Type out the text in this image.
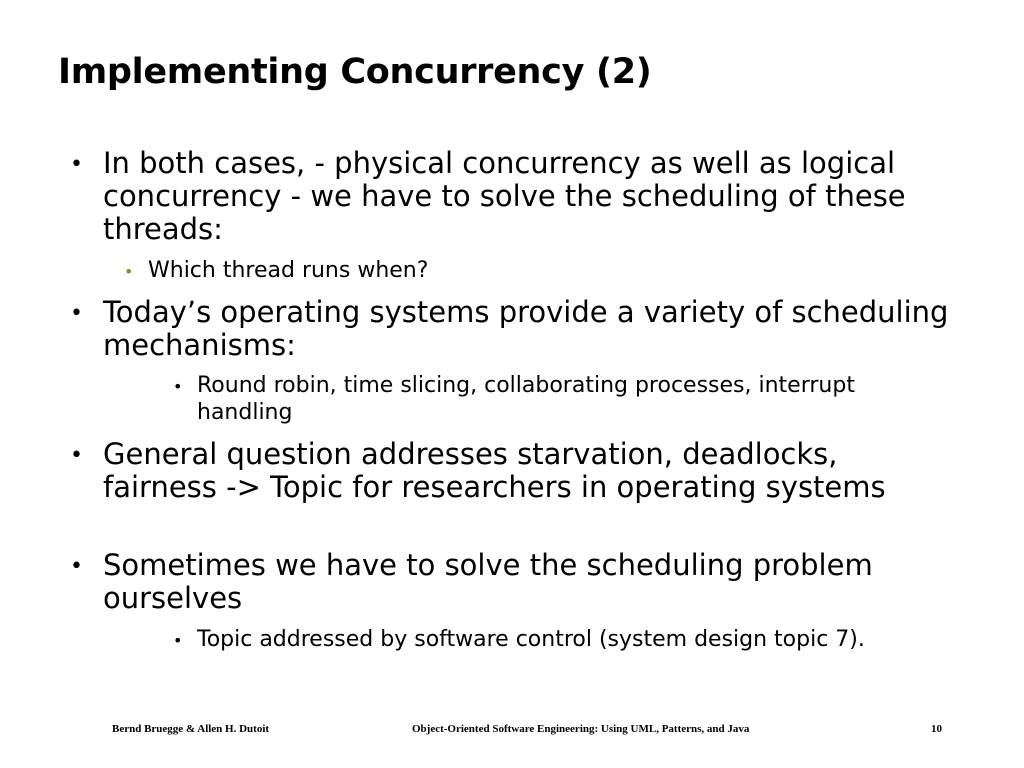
Implementing Concurrency (2)
• In both cases, - physical concurrency as well as logical concurrency - we have to solve the scheduling of these threads:
• Which thread runs when?
• Today’s operating systems provide a variety of scheduling mechanisms:
• Round robin, time slicing, collaborating processes, interrupt handling
• General question addresses starvation, deadlocks, fairness -> Topic for researchers in operating systems
• Sometimes we have to solve the scheduling problem ourselves
• Topic addressed by software control (system design topic 7).
Bernd Bruegge & Allen H. Dutoit	Object-Oriented Software Engineering: Using UML, Patterns, and Java	10
